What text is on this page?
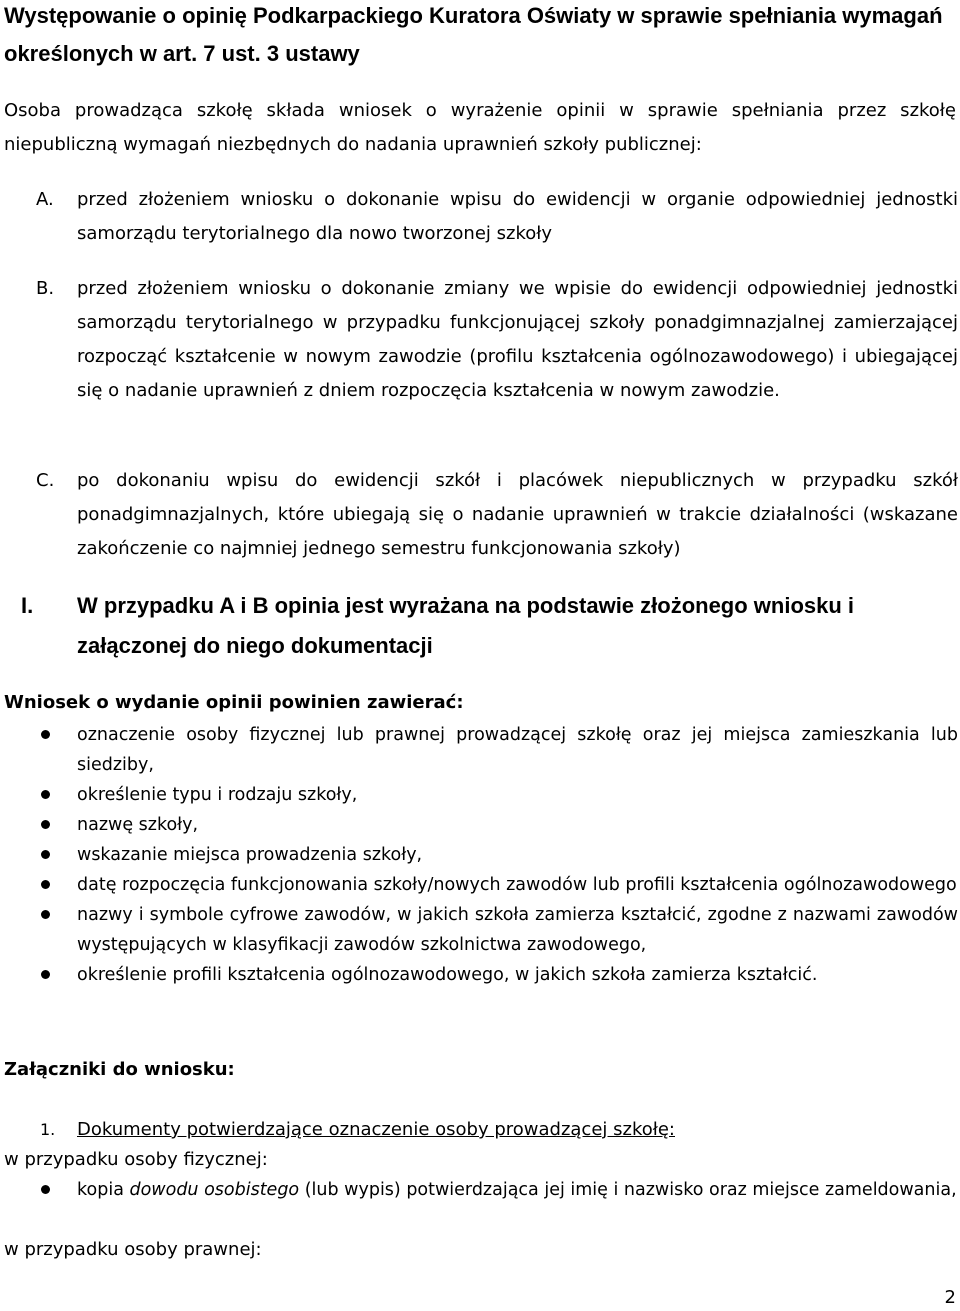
Występowanie o opinię Podkarpackiego Kuratora Oświaty w sprawie spełniania wymagań określonych w art. 7 ust. 3 ustawy

Osoba prowadząca szkołę składa wniosek o wyrażenie opinii w sprawie spełniania przez szkołę niepubliczną wymagań niezbędnych do nadania uprawnień szkoły publicznej:

A. przed złożeniem wniosku o dokonanie wpisu do ewidencji w organie odpowiedniej jednostki samorządu terytorialnego dla nowo tworzonej szkoły

B. przed złożeniem wniosku o dokonanie zmiany we wpisie do ewidencji odpowiedniej jednostki samorządu terytorialnego w przypadku funkcjonującej szkoły ponadgimnazjalnej zamierzającej rozpocząć kształcenie w nowym zawodzie (profilu kształcenia ogólnozawodowego) i ubiegającej się o nadanie uprawnień z dniem rozpoczęcia kształcenia w nowym zawodzie.

C. po dokonaniu wpisu do ewidencji szkół i placówek niepublicznych w przypadku szkół ponadgimnazjalnych, które ubiegają się o nadanie uprawnień w trakcie działalności (wskazane zakończenie co najmniej jednego semestru funkcjonowania szkoły)

I. W przypadku A i B opinia jest wyrażana na podstawie złożonego wniosku i załączonej do niego dokumentacji

Wniosek o wydanie opinii powinien zawierać:
oznaczenie osoby fizycznej lub prawnej prowadzącej szkołę oraz jej miejsca zamieszkania lub siedziby,
określenie typu i rodzaju szkoły,
nazwę szkoły,
wskazanie miejsca prowadzenia szkoły,
datę rozpoczęcia funkcjonowania szkoły/nowych zawodów lub profili kształcenia ogólnozawodowego
nazwy i symbole cyfrowe zawodów, w jakich szkoła zamierza kształcić, zgodne z nazwami zawodów występujących w klasyfikacji zawodów szkolnictwa zawodowego,
określenie profili kształcenia ogólnozawodowego, w jakich szkoła zamierza kształcić.
Załączniki do wniosku:
1. Dokumenty potwierdzające oznaczenie osoby prowadzącej szkołę:
w przypadku osoby fizycznej:
kopia dowodu osobistego (lub wypis) potwierdzająca jej imię i nazwisko oraz miejsce zameldowania,
w przypadku osoby prawnej:
2
